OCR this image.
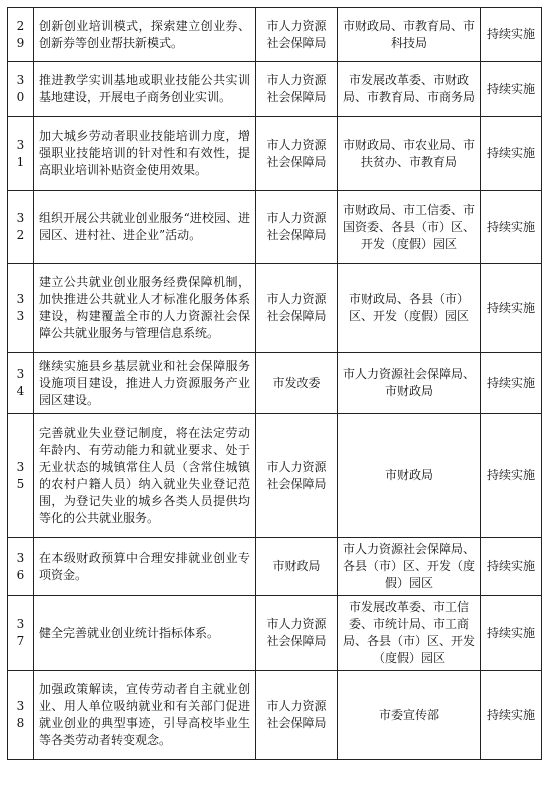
29	创新创业培训模式，探索建立创业券、创新券等创业帮扶新模式。	市人力资源社会保障局	市财政局、市教育局、市科技局	持续实施
30	推进教学实训基地或职业技能公共实训基地建设，开展电子商务创业实训。	市人力资源社会保障局	市发展改革委、市财政局、市教育局、市商务局	持续实施
31	加大城乡劳动者职业技能培训力度，增强职业技能培训的针对性和有效性，提高职业培训补贴资金使用效果。	市人力资源社会保障局	市财政局、市农业局、市扶贫办、市教育局	持续实施
32	组织开展公共就业创业服务“进校园、进园区、进村社、进企业”活动。	市人力资源社会保障局	市财政局、市工信委、市国资委、各县（市）区、开发（度假）园区	持续实施
33	建立公共就业创业服务经费保障机制，加快推进公共就业人才标准化服务体系建设，构建覆盖全市的人力资源社会保障公共就业服务与管理信息系统。	市人力资源社会保障局	市财政局、各县（市）区、开发（度假）园区	持续实施
34	继续实施县乡基层就业和社会保障服务设施项目建设，推进人力资源服务产业园区建设。	市发改委	市人力资源社会保障局、市财政局	持续实施
35	完善就业失业登记制度，将在法定劳动年龄内、有劳动能力和就业要求、处于无业状态的城镇常住人员（含常住城镇的农村户籍人员）纳入就业失业登记范围，为登记失业的城乡各类人员提供均等化的公共就业服务。	市人力资源社会保障局	市财政局	持续实施
36	在本级财政预算中合理安排就业创业专项资金。	市财政局	市人力资源社会保障局、各县（市）区、开发（度假）园区	持续实施
37	健全完善就业创业统计指标体系。	市人力资源社会保障局	市发展改革委、市工信委、市统计局、市工商局、各县（市）区、开发（度假）园区	持续实施
38	加强政策解读，宣传劳动者自主就业创业、用人单位吸纳就业和有关部门促进就业创业的典型事迹，引导高校毕业生等各类劳动者转变观念。	市人力资源社会保障局	市委宣传部	持续实施
